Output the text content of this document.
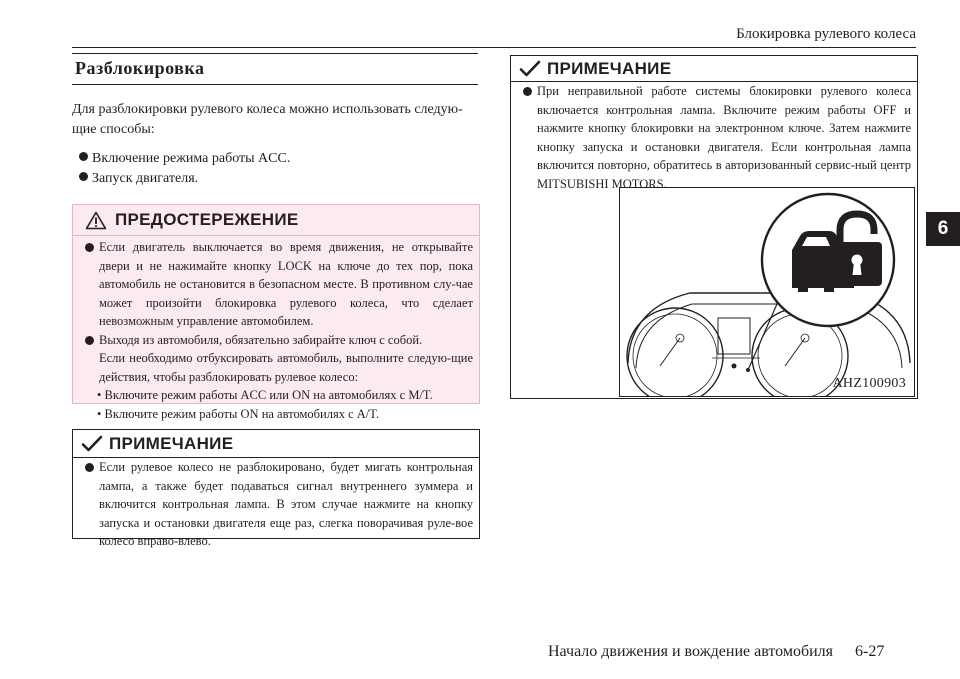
Блокировка рулевого колеса
6
Разблокировка
Для разблокировки рулевого колеса можно использовать следую-
щие способы:
Включение режима работы ACC.
Запуск двигателя.
ПРЕДОСТЕРЕЖЕНИЕ
Если двигатель выключается во время движения, не открывайте двери и не нажимайте кнопку LOCK на ключе до тех пор, пока автомобиль не остановится в безопасном месте. В противном слу-чае может произойти блокировка рулевого колеса, что сделает невозможным управление автомобилем.
Выходя из автомобиля, обязательно забирайте ключ с собой.
Если необходимо отбуксировать автомобиль, выполните следую-щие действия, чтобы разблокировать рулевое колесо:
• Включите режим работы ACC или ON на автомобилях с M/T.
• Включите режим работы ON на автомобилях с A/T.
ПРИМЕЧАНИЕ
Если рулевое колесо не разблокировано, будет мигать контрольная лампа, а также будет подаваться сигнал внутреннего зуммера и включится контрольная лампа. В этом случае нажмите на кнопку запуска и остановки двигателя еще раз, слегка поворачивая руле-вое колесо вправо-влево.
ПРИМЕЧАНИЕ
При неправильной работе системы блокировки рулевого колеса включается контрольная лампа. Включите режим работы OFF и нажмите кнопку блокировки на электронном ключе. Затем нажмите кнопку запуска и остановки двигателя. Если контрольная лампа включится повторно, обратитесь в авторизованный сервис-ный центр MITSUBISHI MOTORS.
AHZ100903
Начало движения и вождение автомобиля 6-27
